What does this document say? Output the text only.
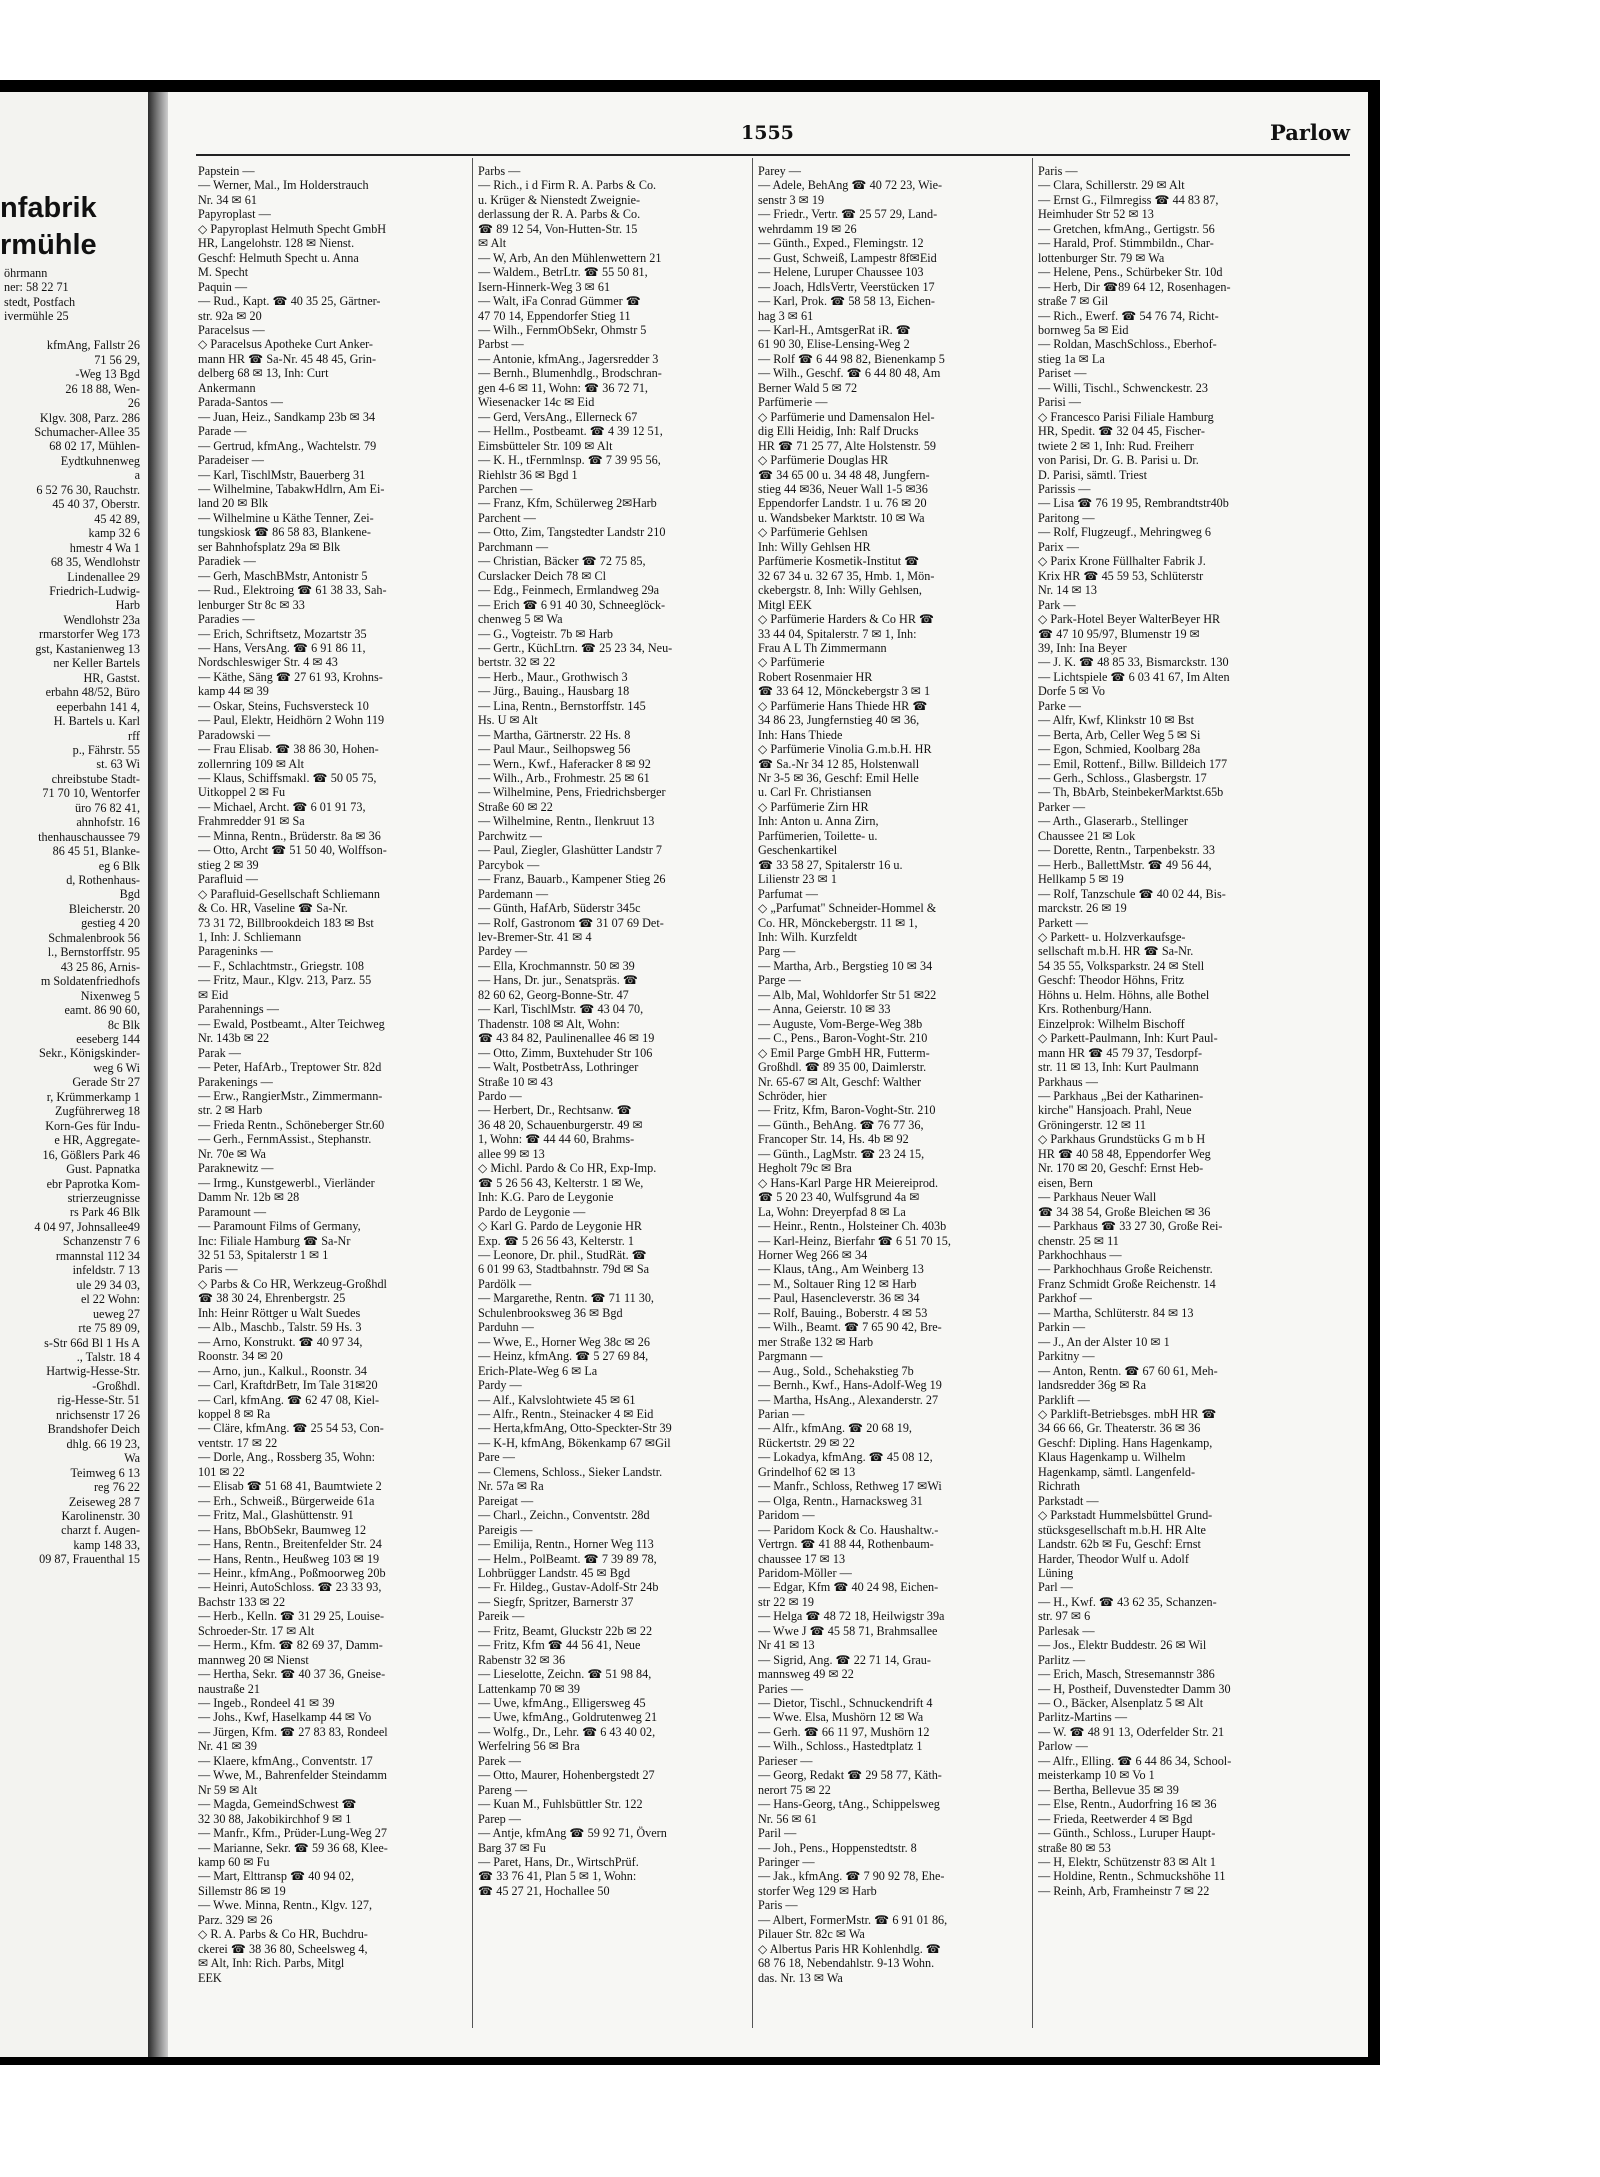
nfabrik
rmühle
öhrmann
ner: 58 22 71
stedt, Postfach
ivermühle 25

kfmAng, Fallstr 26
71 56 29,
-Weg 13 Bgd
26 18 88, Wen-
26
Klgv. 308, Parz. 286
Schumacher-Allee 35
68 02 17, Mühlen-
Eydtkuhnenweg
a
6 52 76 30, Rauchstr.
45 40 37, Oberstr.
45 42 89,
kamp 32 6
hmestr 4 Wa 1
68 35, Wendlohstr
Lindenallee 29
Friedrich-Ludwig-
Harb
Wendlohstr 23a
rmarstorfer Weg 173
gst, Kastanienweg 13
ner Keller Bartels
HR, Gastst.
erbahn 48/52, Büro
eeperbahn 141 4,
H. Bartels u. Karl
rff
p., Fährstr. 55
st. 63 Wi
chreibstube Stadt-
71 70 10, Wentorfer
üro 76 82 41,
ahnhofstr. 16
thenhauschaussee 79
86 45 51, Blanke-
eg 6 Blk
d, Rothenhaus-
Bgd
Bleicherstr. 20
gestieg 4 20
Schmalenbrook 56
l., Bernstorffstr. 95
43 25 86, Arnis-
m Soldatenfriedhofs
Nixenweg 5
eamt. 86 90 60,
8c Blk
eeseberg 144
Sekr., Königskinder-
weg 6 Wi
Gerade Str 27
r, Krümmerkamp 1
Zugführerweg 18
Korn-Ges für Indu-
e HR, Aggregate-
16, Gößlers Park 46
Gust. Papnatka
ebr Paprotka Kom-
strierzeugnisse
rs Park 46 Blk
4 04 97, Johnsallee49
Schanzenstr 7 6
rmannstal 112 34
infeldstr. 7 13
ule 29 34 03,
el 22 Wohn:
ueweg 27
rte 75 89 09,
s-Str 66d Bl 1 Hs A
., Talstr. 18 4
Hartwig-Hesse-Str.
-Großhdl.
rig-Hesse-Str. 51
nrichsenstr 17 26
Brandshofer Deich
dhlg. 66 19 23,
Wa
Teimweg 6 13
reg 76 22
Zeiseweg 28 7
Karolinenstr. 30
charzt f. Augen-
kamp 148 33,
09 87, Frauenthal 15
1555	Parlow
Papstein —
— Werner, Mal., Im Holderstrauch
Nr. 34 ✉ 61
Papyroplast —
◇ Papyroplast Helmuth Specht GmbH
HR, Langelohstr. 128 ✉ Nienst.
Geschf: Helmuth Specht u. Anna
M. Specht
Paquin —
— Rud., Kapt. ☎ 40 35 25, Gärtner-
str. 92a ✉ 20
Paracelsus —
◇ Paracelsus Apotheke Curt Anker-
mann HR ☎ Sa-Nr. 45 48 45, Grin-
delberg 68 ✉ 13, Inh: Curt
Ankermann
Parada-Santos —
— Juan, Heiz., Sandkamp 23b ✉ 34
Parade —
— Gertrud, kfmAng., Wachtelstr. 79
Paradeiser —
— Karl, TischlMstr, Bauerberg 31
— Wilhelmine, TabakwHdlrn, Am Ei-
land 20 ✉ Blk
— Wilhelmine u Käthe Tenner, Zei-
tungskiosk ☎ 86 58 83, Blankene-
ser Bahnhofsplatz 29a ✉ Blk
Paradiek —
— Gerh, MaschBMstr, Antonistr 5
— Rud., Elektroing ☎ 61 38 33, Sah-
lenburger Str 8c ✉ 33
Paradies —
— Erich, Schriftsetz, Mozartstr 35
— Hans, VersAng. ☎ 6 91 86 11,
Nordschleswiger Str. 4 ✉ 43
— Käthe, Säng ☎ 27 61 93, Krohns-
kamp 44 ✉ 39
— Oskar, Steins, Fuchsversteck 10
— Paul, Elektr, Heidhörn 2 Wohn 119
Paradowski —
— Frau Elisab. ☎ 38 86 30, Hohen-
zollernring 109 ✉ Alt
— Klaus, Schiffsmakl. ☎ 50 05 75,
Uitkoppel 2 ✉ Fu
— Michael, Archt. ☎ 6 01 91 73,
Frahmredder 91 ✉ Sa
— Minna, Rentn., Brüderstr. 8a ✉ 36
— Otto, Archt ☎ 51 50 40, Wolffson-
stieg 2 ✉ 39
Parafluid —
◇ Parafluid-Gesellschaft Schliemann
& Co. HR, Vaseline ☎ Sa-Nr.
73 31 72, Billbrookdeich 183 ✉ Bst
1, Inh: J. Schliemann
Parageninks —
— F., Schlachtmstr., Griegstr. 108
— Fritz, Maur., Klgv. 213, Parz. 55
✉ Eid
Parahennings —
— Ewald, Postbeamt., Alter Teichweg
Nr. 143b ✉ 22
Parak —
— Peter, HafArb., Treptower Str. 82d
Parakenings —
— Erw., RangierMstr., Zimmermann-
str. 2 ✉ Harb
— Frieda Rentn., Schöneberger Str.60
— Gerh., FernmAssist., Stephanstr.
Nr. 70e ✉ Wa
Paraknewitz —
— Irmg., Kunstgewerbl., Vierländer
Damm Nr. 12b ✉ 28
Paramount —
— Paramount Films of Germany,
Inc: Filiale Hamburg ☎ Sa-Nr
32 51 53, Spitalerstr 1 ✉ 1
Paris —
◇ Parbs & Co HR, Werkzeug-Großhdl
☎ 38 30 24, Ehrenbergstr. 25
Inh: Heinr Röttger u Walt Suedes
— Alb., Maschb., Talstr. 59 Hs. 3
— Arno, Konstrukt. ☎ 40 97 34,
Roonstr. 34 ✉ 20
— Arno, jun., Kalkul., Roonstr. 34
— Carl, KraftdrBetr, Im Tale 31✉20
— Carl, kfmAng. ☎ 62 47 08, Kiel-
koppel 8 ✉ Ra
— Cläre, kfmAng. ☎ 25 54 53, Con-
ventstr. 17 ✉ 22
— Dorle, Ang., Rossberg 35, Wohn:
101 ✉ 22
— Elisab ☎ 51 68 41, Baumtwiete 2
— Erh., Schweiß., Bürgerweide 61a
— Fritz, Mal., Glashüttenstr. 91
— Hans, BbObSekr, Baumweg 12
— Hans, Rentn., Breitenfelder Str. 24
— Hans, Rentn., Heußweg 103 ✉ 19
— Heinr., kfmAng., Poßmoorweg 20b
— Heinri, AutoSchloss. ☎ 23 33 93,
Bachstr 133 ✉ 22
— Herb., Kelln. ☎ 31 29 25, Louise-
Schroeder-Str. 17 ✉ Alt
— Herm., Kfm. ☎ 82 69 37, Damm-
mannweg 20 ✉ Nienst
— Hertha, Sekr. ☎ 40 37 36, Gneise-
naustraße 21
— Ingeb., Rondeel 41 ✉ 39
— Johs., Kwf, Haselkamp 44 ✉ Vo
— Jürgen, Kfm. ☎ 27 83 83, Rondeel
Nr. 41 ✉ 39
— Klaere, kfmAng., Conventstr. 17
— Wwe, M., Bahrenfelder Steindamm
Nr 59 ✉ Alt
— Magda, GemeindSchwest ☎
32 30 88, Jakobikirchhof 9 ✉ 1
— Manfr., Kfm., Prüder-Lung-Weg 27
— Marianne, Sekr. ☎ 59 36 68, Klee-
kamp 60 ✉ Fu
— Mart, Elttransp ☎ 40 94 02,
Sillemstr 86 ✉ 19
— Wwe. Minna, Rentn., Klgv. 127,
Parz. 329 ✉ 26
◇ R. A. Parbs & Co HR, Buchdru-
ckerei ☎ 38 36 80, Scheelsweg 4,
✉ Alt, Inh: Rich. Parbs, Mitgl
EEK
Parbs —
— Rich., i d Firm R. A. Parbs & Co.
u. Krüger & Nienstedt Zweignie-
derlassung der R. A. Parbs & Co.
☎ 89 12 54, Von-Hutten-Str. 15
✉ Alt
— W, Arb, An den Mühlenwettern 21
— Waldem., BetrLtr. ☎ 55 50 81,
Isern-Hinnerk-Weg 3 ✉ 61
— Walt, iFa Conrad Gümmer ☎
47 70 14, Eppendorfer Stieg 11
— Wilh., FernmObSekr, Ohmstr 5
Parbst —
— Antonie, kfmAng., Jagersredder 3
— Bernh., Blumenhdlg., Brodschran-
gen 4-6 ✉ 11, Wohn: ☎ 36 72 71,
Wiesenacker 14c ✉ Eid
— Gerd, VersAng., Ellerneck 67
— Hellm., Postbeamt. ☎ 4 39 12 51,
Eimsbütteler Str. 109 ✉ Alt
— K. H., tFernmlnsp. ☎ 7 39 95 56,
Riehlstr 36 ✉ Bgd 1
Parchen —
— Franz, Kfm, Schülerweg 2✉Harb
Parchent —
— Otto, Zim, Tangstedter Landstr 210
Parchmann —
— Christian, Bäcker ☎ 72 75 85,
Curslacker Deich 78 ✉ Cl
— Edg., Feinmech, Ermlandweg 29a
— Erich ☎ 6 91 40 30, Schneeglöck-
chenweg 5 ✉ Wa
— G., Vogteistr. 7b ✉ Harb
— Gertr., KüchLtrn. ☎ 25 23 34, Neu-
bertstr. 32 ✉ 22
— Herb., Maur., Grothwisch 3
— Jürg., Bauing., Hausbarg 18
— Lina, Rentn., Bernstorffstr. 145
Hs. U ✉ Alt
— Martha, Gärtnerstr. 22 Hs. 8
— Paul Maur., Seilhopsweg 56
— Wern., Kwf., Haferacker 8 ✉ 92
— Wilh., Arb., Frohmestr. 25 ✉ 61
— Wilhelmine, Pens, Friedrichsberger
Straße 60 ✉ 22
— Wilhelmine, Rentn., Ilenkruut 13
Parchwitz —
— Paul, Ziegler, Glashütter Landstr 7
Parcybok —
— Franz, Bauarb., Kampener Stieg 26
Pardemann —
— Günth, HafArb, Süderstr 345c
— Rolf, Gastronom ☎ 31 07 69 Det-
lev-Bremer-Str. 41 ✉ 4
Pardey —
— Ella, Krochmannstr. 50 ✉ 39
— Hans, Dr. jur., Senatspräs. ☎
82 60 62, Georg-Bonne-Str. 47
— Karl, TischlMstr. ☎ 43 04 70,
Thadenstr. 108 ✉ Alt, Wohn:
☎ 43 84 82, Paulinenallee 46 ✉ 19
— Otto, Zimm, Buxtehuder Str 106
— Walt, PostbetrAss, Lothringer
Straße 10 ✉ 43
Pardo —
— Herbert, Dr., Rechtsanw. ☎
36 48 20, Schauenburgerstr. 49 ✉
1, Wohn: ☎ 44 44 60, Brahms-
allee 99 ✉ 13
◇ Michl. Pardo & Co HR, Exp-Imp.
☎ 5 26 56 43, Kelterstr. 1 ✉ We,
Inh: K.G. Paro de Leygonie
Pardo de Leygonie —
◇ Karl G. Pardo de Leygonie HR
Exp. ☎ 5 26 56 43, Kelterstr. 1
— Leonore, Dr. phil., StudRät. ☎
6 01 99 63, Stadtbahnstr. 79d ✉ Sa
Pardölk —
— Margarethe, Rentn. ☎ 71 11 30,
Schulenbrooksweg 36 ✉ Bgd
Parduhn —
— Wwe, E., Horner Weg 38c ✉ 26
— Heinz, kfmAng. ☎ 5 27 69 84,
Erich-Plate-Weg 6 ✉ La
Pardy —
— Alf., Kalvslohtwiete 45 ✉ 61
— Alfr., Rentn., Steinacker 4 ✉ Eid
— Herta,kfmAng, Otto-Speckter-Str 39
— K-H, kfmAng, Bökenkamp 67 ✉Gil
Pare —
— Clemens, Schloss., Sieker Landstr.
Nr. 57a ✉ Ra
Pareigat —
— Charl., Zeichn., Conventstr. 28d
Pareigis —
— Emilija, Rentn., Horner Weg 113
— Helm., PolBeamt. ☎ 7 39 89 78,
Lohbrügger Landstr. 45 ✉ Bgd
— Fr. Hildeg., Gustav-Adolf-Str 24b
— Siegfr, Spritzer, Barnerstr 37
Pareik —
— Fritz, Beamt, Gluckstr 22b ✉ 22
— Fritz, Kfm ☎ 44 56 41, Neue
Rabenstr 32 ✉ 36
— Lieselotte, Zeichn. ☎ 51 98 84,
Lattenkamp 70 ✉ 39
— Uwe, kfmAng., Elligersweg 45
— Uwe, kfmAng., Goldrutenweg 21
— Wolfg., Dr., Lehr. ☎ 6 43 40 02,
Werfelring 56 ✉ Bra
Parek —
— Otto, Maurer, Hohenbergstedt 27
Pareng —
— Kuan M., Fuhlsbüttler Str. 122
Parep —
— Antje, kfmAng ☎ 59 92 71, Övern
Barg 37 ✉ Fu
— Paret, Hans, Dr., WirtschPrüf.
☎ 33 76 41, Plan 5 ✉ 1, Wohn:
☎ 45 27 21, Hochallee 50
Parey —
— Adele, BehAng ☎ 40 72 23, Wie-
senstr 3 ✉ 19
— Friedr., Vertr. ☎ 25 57 29, Land-
wehrdamm 19 ✉ 26
— Günth., Exped., Flemingstr. 12
— Gust, Schweiß, Lampestr 8f✉Eid
— Helene, Luruper Chaussee 103
— Joach, HdlsVertr, Veerstücken 17
— Karl, Prok. ☎ 58 58 13, Eichen-
hag 3 ✉ 61
— Karl-H., AmtsgerRat iR. ☎
61 90 30, Elise-Lensing-Weg 2
— Rolf ☎ 6 44 98 82, Bienenkamp 5
— Wilh., Geschf. ☎ 6 44 80 48, Am
Berner Wald 5 ✉ 72
Parfümerie —
◇ Parfümerie und Damensalon Hel-
dig Elli Heidig, Inh: Ralf Drucks
HR ☎ 71 25 77, Alte Holstenstr. 59
◇ Parfümerie Douglas HR
☎ 34 65 00 u. 34 48 48, Jungfern-
stieg 44 ✉36, Neuer Wall 1-5 ✉36
Eppendorfer Landstr. 1 u. 76 ✉ 20
u. Wandsbeker Marktstr. 10 ✉ Wa
◇ Parfümerie Gehlsen
Inh: Willy Gehlsen HR
Parfümerie Kosmetik-Institut ☎
32 67 34 u. 32 67 35, Hmb. 1, Mön-
ckebergstr. 8, Inh: Willy Gehlsen,
Mitgl EEK
◇ Parfümerie Harders & Co HR ☎
33 44 04, Spitalerstr. 7 ✉ 1, Inh:
Frau A L Th Zimmermann
◇ Parfümerie
Robert Rosenmaier HR
☎ 33 64 12, Mönckebergstr 3 ✉ 1
◇ Parfümerie Hans Thiede HR ☎
34 86 23, Jungfernstieg 40 ✉ 36,
Inh: Hans Thiede
◇ Parfümerie Vinolia G.m.b.H. HR
☎ Sa.-Nr 34 12 85, Holstenwall
Nr 3-5 ✉ 36, Geschf: Emil Helle
u. Carl Fr. Christiansen
◇ Parfümerie Zirn HR
Inh: Anton u. Anna Zirn,
Parfümerien, Toilette- u.
Geschenkartikel
☎ 33 58 27, Spitalerstr 16 u.
Lilienstr 23 ✉ 1
Parfumat —
◇ „Parfumat" Schneider-Hommel &
Co. HR, Mönckebergstr. 11 ✉ 1,
Inh: Wilh. Kurzfeldt
Parg —
— Martha, Arb., Bergstieg 10 ✉ 34
Parge —
— Alb, Mal, Wohldorfer Str 51 ✉22
— Anna, Geierstr. 10 ✉ 33
— Auguste, Vom-Berge-Weg 38b
— C., Pens., Baron-Voght-Str. 210
◇ Emil Parge GmbH HR, Futterm-
Großhdl. ☎ 89 35 00, Daimlerstr.
Nr. 65-67 ✉ Alt, Geschf: Walther
Schröder, hier
— Fritz, Kfm, Baron-Voght-Str. 210
— Günth., BehAng. ☎ 76 77 36,
Francoper Str. 14, Hs. 4b ✉ 92
— Günth., LagMstr. ☎ 23 24 15,
Hegholt 79c ✉ Bra
◇ Hans-Karl Parge HR Meiereiprod.
☎ 5 20 23 40, Wulfsgrund 4a ✉
La, Wohn: Dreyerpfad 8 ✉ La
— Heinr., Rentn., Holsteiner Ch. 403b
— Karl-Heinz, Bierfahr ☎ 6 51 70 15,
Horner Weg 266 ✉ 34
— Klaus, tAng., Am Weinberg 13
— M., Soltauer Ring 12 ✉ Harb
— Paul, Hasencleverstr. 36 ✉ 34
— Rolf, Bauing., Boberstr. 4 ✉ 53
— Wilh., Beamt. ☎ 7 65 90 42, Bre-
mer Straße 132 ✉ Harb
Pargmann —
— Aug., Sold., Schehakstieg 7b
— Bernh., Kwf., Hans-Adolf-Weg 19
— Martha, HsAng., Alexanderstr. 27
Parian —
— Alfr., kfmAng. ☎ 20 68 19,
Rückertstr. 29 ✉ 22
— Lokadya, kfmAng. ☎ 45 08 12,
Grindelhof 62 ✉ 13
— Manfr., Schloss, Rethweg 17 ✉Wi
— Olga, Rentn., Harnacksweg 31
Paridom —
— Paridom Kock & Co. Haushaltw.-
Vertrgn. ☎ 41 88 44, Rothenbaum-
chaussee 17 ✉ 13
Paridom-Möller —
— Edgar, Kfm ☎ 40 24 98, Eichen-
str 22 ✉ 19
— Helga ☎ 48 72 18, Heilwigstr 39a
— Wwe J ☎ 45 58 71, Brahmsallee
Nr 41 ✉ 13
— Sigrid, Ang. ☎ 22 71 14, Grau-
mannsweg 49 ✉ 22
Paries —
— Dietor, Tischl., Schnuckendrift 4
— Wwe. Elsa, Mushörn 12 ✉ Wa
— Gerh. ☎ 66 11 97, Mushörn 12
— Wilh., Schloss., Hastedtplatz 1
Parieser —
— Georg, Redakt ☎ 29 58 77, Käth-
nerort 75 ✉ 22
— Hans-Georg, tAng., Schippelsweg
Nr. 56 ✉ 61
Paril —
— Joh., Pens., Hoppenstedtstr. 8
Paringer —
— Jak., kfmAng. ☎ 7 90 92 78, Ehe-
storfer Weg 129 ✉ Harb
Paris —
— Albert, FormerMstr. ☎ 6 91 01 86,
Pilauer Str. 82c ✉ Wa
◇ Albertus Paris HR Kohlenhdlg. ☎
68 76 18, Nebendahlstr. 9-13 Wohn.
das. Nr. 13 ✉ Wa
Paris —
— Clara, Schillerstr. 29 ✉ Alt
— Ernst G., Filmregiss ☎ 44 83 87,
Heimhuder Str 52 ✉ 13
— Gretchen, kfmAng., Gertigstr. 56
— Harald, Prof. Stimmbildn., Char-
lottenburger Str. 79 ✉ Wa
— Helene, Pens., Schürbeker Str. 10d
— Herb, Dir ☎89 64 12, Rosenhagen-
straße 7 ✉ Gil
— Rich., Ewerf. ☎ 54 76 74, Richt-
bornweg 5a ✉ Eid
— Roldan, MaschSchloss., Eberhof-
stieg 1a ✉ La
Pariset —
— Willi, Tischl., Schwenckestr. 23
Parisi —
◇ Francesco Parisi Filiale Hamburg
HR, Spedit. ☎ 32 04 45, Fischer-
twiete 2 ✉ 1, Inh: Rud. Freiherr
von Parisi, Dr. G. B. Parisi u. Dr.
D. Parisi, sämtl. Triest
Parissis —
— Lisa ☎ 76 19 95, Rembrandtstr40b
Paritong —
— Rolf, Flugzeugf., Mehringweg 6
Parix —
◇ Parix Krone Füllhalter Fabrik J.
Krix HR ☎ 45 59 53, Schlüterstr
Nr. 14 ✉ 13
Park —
◇ Park-Hotel Beyer WalterBeyer HR
☎ 47 10 95/97, Blumenstr 19 ✉
39, Inh: Ina Beyer
— J. K. ☎ 48 85 33, Bismarckstr. 130
— Lichtspiele ☎ 6 03 41 67, Im Alten
Dorfe 5 ✉ Vo
Parke —
— Alfr, Kwf, Klinkstr 10 ✉ Bst
— Berta, Arb, Celler Weg 5 ✉ Si
— Egon, Schmied, Koolbarg 28a
— Emil, Rottenf., Billw. Billdeich 177
— Gerh., Schloss., Glasbergstr. 17
— Th, BbArb, SteinbekerMarktst.65b
Parker —
— Arth., Glaserarb., Stellinger
Chaussee 21 ✉ Lok
— Dorette, Rentn., Tarpenbekstr. 33
— Herb., BallettMstr. ☎ 49 56 44,
Hellkamp 5 ✉ 19
— Rolf, Tanzschule ☎ 40 02 44, Bis-
marckstr. 26 ✉ 19
Parkett —
◇ Parkett- u. Holzverkaufsge-
sellschaft m.b.H. HR ☎ Sa-Nr.
54 35 55, Volksparkstr. 24 ✉ Stell
Geschf: Theodor Höhns, Fritz
Höhns u. Helm. Höhns, alle Bothel
Krs. Rothenburg/Hann.
Einzelprok: Wilhelm Bischoff
◇ Parkett-Paulmann, Inh: Kurt Paul-
mann HR ☎ 45 79 37, Tesdorpf-
str. 11 ✉ 13, Inh: Kurt Paulmann
Parkhaus —
— Parkhaus „Bei der Katharinen-
kirche" Hansjoach. Prahl, Neue
Gröningerstr. 12 ✉ 11
◇ Parkhaus Grundstücks G m b H
HR ☎ 40 58 48, Eppendorfer Weg
Nr. 170 ✉ 20, Geschf: Ernst Heb-
eisen, Bern
— Parkhaus Neuer Wall
☎ 34 38 54, Große Bleichen ✉ 36
— Parkhaus ☎ 33 27 30, Große Rei-
chenstr. 25 ✉ 11
Parkhochhaus —
— Parkhochhaus Große Reichenstr.
Franz Schmidt Große Reichenstr. 14
Parkhof —
— Martha, Schlüterstr. 84 ✉ 13
Parkin —
— J., An der Alster 10 ✉ 1
Parkitny —
— Anton, Rentn. ☎ 67 60 61, Meh-
landsredder 36g ✉ Ra
Parklift —
◇ Parklift-Betriebsges. mbH HR ☎
34 66 66, Gr. Theaterstr. 36 ✉ 36
Geschf: Dipling. Hans Hagenkamp,
Klaus Hagenkamp u. Wilhelm
Hagenkamp, sämtl. Langenfeld-
Richrath
Parkstadt —
◇ Parkstadt Hummelsbüttel Grund-
stücksgesellschaft m.b.H. HR Alte
Landstr. 62b ✉ Fu, Geschf: Ernst
Harder, Theodor Wulf u. Adolf
Lüning
Parl —
— H., Kwf. ☎ 43 62 35, Schanzen-
str. 97 ✉ 6
Parlesak —
— Jos., Elektr Buddestr. 26 ✉ Wil
Parlitz —
— Erich, Masch, Stresemannstr 386
— H, Postheif, Duvenstedter Damm 30
— O., Bäcker, Alsenplatz 5 ✉ Alt
Parlitz-Martins —
— W. ☎ 48 91 13, Oderfelder Str. 21
Parlow —
— Alfr., Elling. ☎ 6 44 86 34, School-
meisterkamp 10 ✉ Vo 1
— Bertha, Bellevue 35 ✉ 39
— Else, Rentn., Audorfring 16 ✉ 36
— Frieda, Reetwerder 4 ✉ Bgd
— Günth., Schloss., Luruper Haupt-
straße 80 ✉ 53
— H, Elektr, Schützenstr 83 ✉ Alt 1
— Holdine, Rentn., Schmuckshöhe 11
— Reinh, Arb, Framheinstr 7 ✉ 22
